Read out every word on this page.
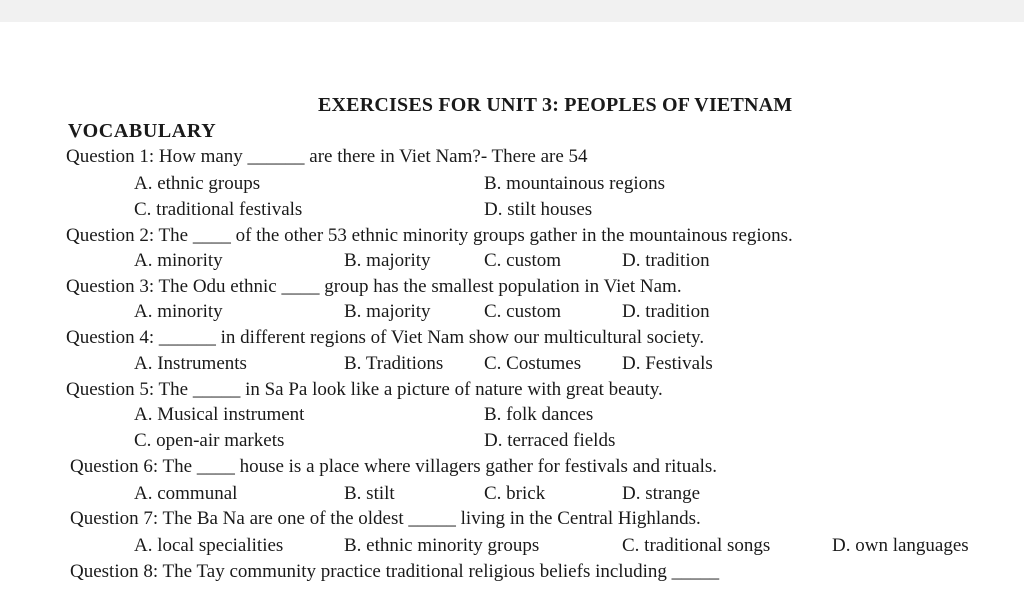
EXERCISES FOR UNIT 3: PEOPLES OF VIETNAM
VOCABULARY
Question 1: How many ______ are there in Viet Nam?- There are 54
A. ethnic groups	B. mountainous regions
C. traditional festivals	D. stilt houses
Question 2: The ____ of the other 53 ethnic minority groups gather in the mountainous regions.
A. minority	B. majority	C. custom	D. tradition
Question 3: The Odu ethnic ____ group has the smallest population in Viet Nam.
A. minority	B. majority	C. custom	D. tradition
Question 4: ______ in different regions of Viet Nam show our multicultural society.
A. Instruments	B. Traditions C. Costumes D. Festivals
Question 5: The _____ in Sa Pa look like a picture of nature with great beauty.
A. Musical instrument	B. folk dances
C. open-air markets	D. terraced fields
Question 6: The ____ house is a place where villagers gather for festivals and rituals.
A. communal	B. stilt	C. brick	D. strange
Question 7: The Ba Na are one of the oldest _____ living in the Central Highlands.
A. local specialities	B. ethnic minority groups	C. traditional songs	D. own languages
Question 8: The Tay community practice traditional religious beliefs including _____
